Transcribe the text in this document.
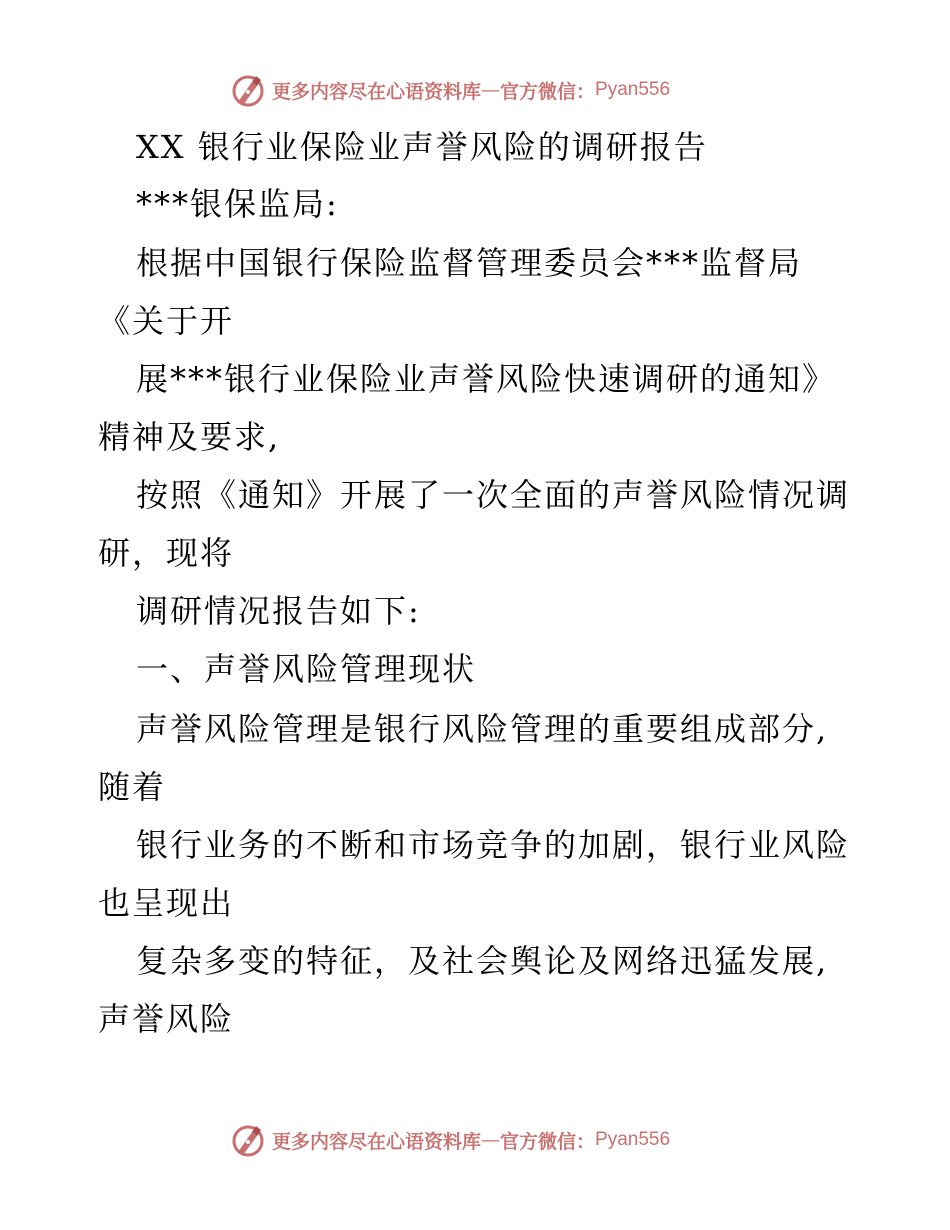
更多内容尽在心语资料库 — 官方微信： Pyan556
XX 银行业保险业声誉风险的调研报告
***银保监局:
根据中国银行保险监督管理委员会***监督局
《关于开
展***银行业保险业声誉风险快速调研的通知》
精神及要求,
按照《通知》开展了一次全面的声誉风险情况调
研，现将
调研情况报告如下:
一、声誉风险管理现状
声誉风险管理是银行风险管理的重要组成部分,
随着
银行业务的不断和市场竞争的加剧，银行业风险
也呈现出
复杂多变的特征，及社会舆论及网络迅猛发展,
声誉风险
更多内容尽在心语资料库 — 官方微信： Pyan556
